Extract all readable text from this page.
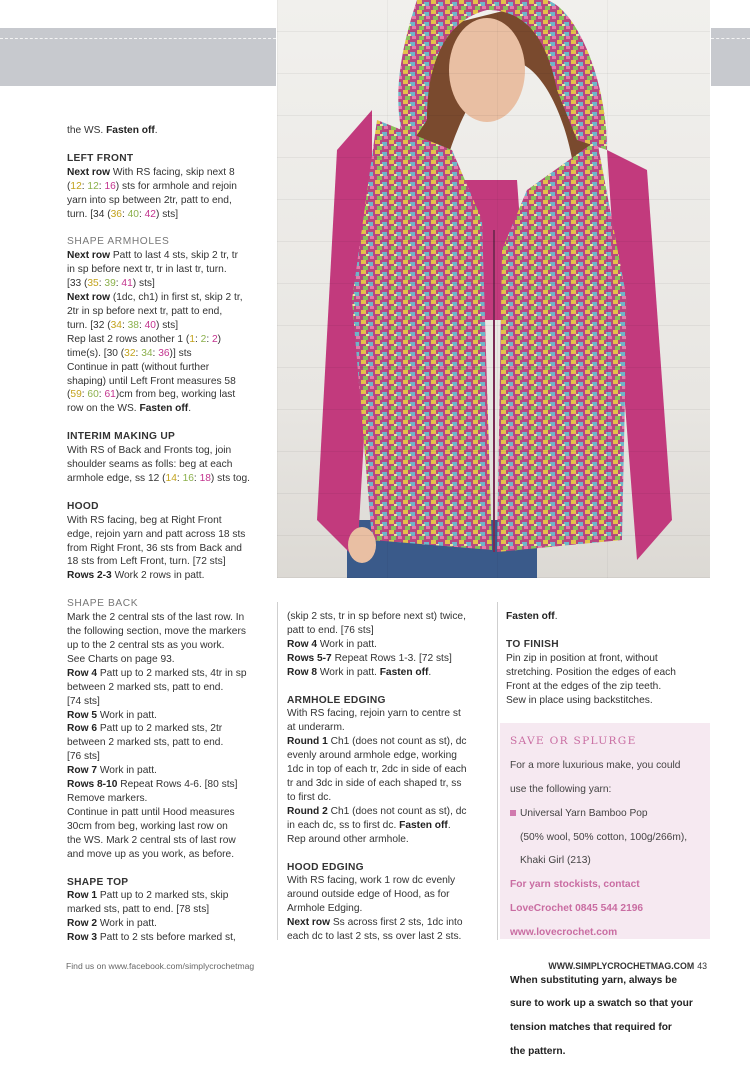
the WS. Fasten off.

LEFT FRONT

Next row With RS facing, skip next 8

(12: 12: 16) sts for armhole and rejoin

yarn into sp between 2tr, patt to end,

turn. [34 (36: 40: 42) sts]

SHAPE ARMHOLES

Next row Patt to last 4 sts, skip 2 tr, tr

in sp before next tr, tr in last tr, turn.

[33 (35: 39: 41) sts]

Next row (1dc, ch1) in first st, skip 2 tr,

2tr in sp before next tr, patt to end,

turn. [32 (34: 38: 40) sts]

Rep last 2 rows another 1 (1: 2: 2)

time(s). [30 (32: 34: 36)] sts

Continue in patt (without further

shaping) until Left Front measures 58

(59: 60: 61)cm from beg, working last

row on the WS. Fasten off.

INTERIM MAKING UP

With RS of Back and Fronts tog, join

shoulder seams as folls: beg at each

armhole edge, ss 12 (14: 16: 18) sts tog.

HOOD

With RS facing, beg at Right Front

edge, rejoin yarn and patt across 18 sts

from Right Front, 36 sts from Back and

18 sts from Left Front, turn. [72 sts]

Rows 2-3 Work 2 rows in patt.

SHAPE BACK

Mark the 2 central sts of the last row. In

the following section, move the markers

up to the 2 central sts as you work.

See Charts on page 93.

Row 4 Patt up to 2 marked sts, 4tr in sp

between 2 marked sts, patt to end.

[74 sts]

Row 5 Work in patt.

Row 6 Patt up to 2 marked sts, 2tr

between 2 marked sts, patt to end.

[76 sts]

Row 7 Work in patt.

Rows 8-10 Repeat Rows 4-6. [80 sts]

Remove markers.

Continue in patt until Hood measures

30cm from beg, working last row on

the WS. Mark 2 central sts of last row

and move up as you work, as before.

SHAPE TOP

Row 1 Patt up to 2 marked sts, skip

marked sts, patt to end. [78 sts]

Row 2 Work in patt.

Row 3 Patt to 2 sts before marked st,

(skip 2 sts, tr in sp before next st) twice,

patt to end. [76 sts]

Row 4 Work in patt.

Rows 5-7 Repeat Rows 1-3. [72 sts]

Row 8 Work in patt. Fasten off.

ARMHOLE EDGING

With RS facing, rejoin yarn to centre st

at underarm.

Round 1 Ch1 (does not count as st), dc

evenly around armhole edge, working

1dc in top of each tr, 2dc in side of each

tr and 3dc in side of each shaped tr, ss

to first dc.

Round 2 Ch1 (does not count as st), dc

in each dc, ss to first dc. Fasten off.

Rep around other armhole.

HOOD EDGING

With RS facing, work 1 row dc evenly

around outside edge of Hood, as for

Armhole Edging.

Next row Ss across first 2 sts, 1dc into

each dc to last 2 sts, ss over last 2 sts.

Fasten off.

TO FINISH

Pin zip in position at front, without

stretching. Position the edges of each

Front at the edges of the zip teeth.

Sew in place using backstitches.

SAVE OR SPLURGE

For a more luxurious make, you could

use the following yarn:

Universal Yarn Bamboo Pop

(50% wool, 50% cotton, 100g/266m),

Khaki Girl (213)

For yarn stockists, contact

LoveCrochet 0845 544 2196

www.lovecrochet.com

When substituting yarn, always be

sure to work up a swatch so that your

tension matches that required for

the pattern.

Find us on www.facebook.com/simplycrochetmag	WWW.SIMPLYCROCHETMAG.COM 43
